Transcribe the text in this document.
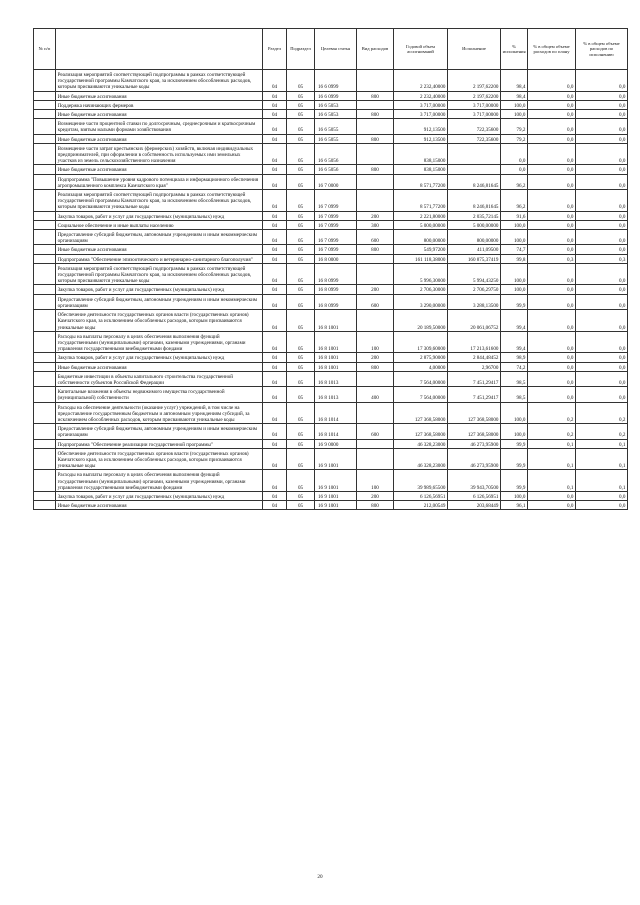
№ п/п		Раздел	Подраздел	Целевая статья	Вид расходов	Годовой объем ассигнований	Исполнение	% исполнения	% в общем объеме расходов по плану	% в общем объеме расходов по исполнению
	Реализация мероприятий соответствующей подпрограммы в рамках соответствующей государственной программы Камчатского края, за исключением обособленных расходов, которым присваиваются уникальные коды	04	05	16 6 0999		2 232,40000	2 197,62200	98,4	0,0	0,0
	Иные бюджетные ассигнования	04	05	16 6 0999	800	2 232,40000	2 197,62200	98,4	0,0	0,0
	Поддержка начинающих фермеров	04	05	16 6 5053		3 717,00000	3 717,00000	100,0	0,0	0,0
	Иные бюджетные ассигнования	04	05	16 6 5053	800	3 717,00000	3 717,00000	100,0	0,0	0,0
	Возмещение части процентной ставки по долгосрочным, среднесрочным и краткосрочным кредитам, взятым малыми формами хозяйствования	04	05	16 6 5055		912,13500	722,35600	79,2	0,0	0,0
	Иные бюджетные ассигнования	04	05	16 6 5055	800	912,13500	722,35600	79,2	0,0	0,0
	Возмещение части затрат крестьянских (фермерских) хозяйств, включая индивидуальных предпринимателей, при оформлении в собственность используемых ими земельных участков из земель сельскохозяйственного назначения	04	05	16 6 5056		838,15000		0,0	0,0	0,0
	Иные бюджетные ассигнования	04	05	16 6 5056	800	838,15000		0,0	0,0	0,0
	Подпрограмма "Повышение уровня кадрового потенциала и информационного обеспечения агропромышленного комплекса Камчатского края"	04	05	16 7 0000		8 571,77200	8 246,81645	96,2	0,0	0,0
	Реализация мероприятий соответствующей подпрограммы в рамках соответствующей государственной программы Камчатского края, за исключением обособленных расходов, которым присваиваются уникальные коды	04	05	16 7 0999		8 571,77200	8 246,81645	96,2	0,0	0,0
	Закупка товаров, работ и услуг для государственных (муниципальных) нужд	04	05	16 7 0999	200	2 221,80000	2 035,72145	91,6	0,0	0,0
	Социальное обеспечение и иные выплаты населению	04	05	16 7 0999	300	5 000,00000	5 000,00000	100,0	0,0	0,0
	Предоставление субсидий бюджетным, автономным учреждениям и иным некоммерческим организациям	04	05	16 7 0999	600	800,00000	800,00000	100,0	0,0	0,0
	Иные бюджетные ассигнования	04	05	16 7 0999	800	549,97200	411,09500	74,7	0,0	0,0
	Подпрограмма "Обеспечение эпизоотического и ветеринарно-санитарного благополучия"	04	05	16 8 0000		161 118,38000	160 875,37419	99,8	0,3	0,3
	Реализация мероприятий соответствующей подпрограммы в рамках соответствующей государственной программы Камчатского края, за исключением обособленных расходов, которым присваиваются уникальные коды	04	05	16 8 0999		5 996,30000	5 994,43250	100,0	0,0	0,0
	Закупка товаров, работ и услуг для государственных (муниципальных) нужд	04	05	16 8 0999	200	2 706,30000	2 706,29750	100,0	0,0	0,0
	Предоставление субсидий бюджетным, автономным учреждениям и иным некоммерческим организациям	04	05	16 8 0999	600	3 290,00000	3 288,13500	99,9	0,0	0,0
	Обеспечение деятельности государственных органов власти (государственных органов) Камчатского края, за исключением обособленных расходов, которым присваиваются уникальные коды	04	05	16 8 1001		20 189,50000	20 061,06752	99,4	0,0	0,0
	Расходы на выплаты персоналу в целях обеспечения выполнения функций государственными (муниципальными) органами, казенными учреждениями, органами управления государственными внебюджетными фондами	04	05	16 8 1001	100	17 309,60000	17 213,61600	99,4	0,0	0,0
	Закупка товаров, работ и услуг для государственных (муниципальных) нужд	04	05	16 8 1001	200	2 875,90000	2 844,48452	98,9	0,0	0,0
	Иные бюджетные ассигнования	04	05	16 8 1001	800	4,00000	2,96700	74,2	0,0	0,0
	Бюджетные инвестиции в объекты капитального строительства государственной собственности субъектов Российской Федерации	04	05	16 8 1013		7 564,00000	7 451,29417	98,5	0,0	0,0
	Капитальные вложения в объекты недвижимого имущества государственной (муниципальной) собственности	04	05	16 8 1013	400	7 564,00000	7 451,29417	98,5	0,0	0,0
	Расходы на обеспечение деятельности (оказание услуг) учреждений, в том числе на предоставление государственным бюджетным и автономным учреждениям субсидий, за исключением обособленных расходов, которым присваиваются уникальные коды	04	05	16 8 1014		127 368,58000	127 368,58000	100,0	0,2	0,2
	Предоставление субсидий бюджетным, автономным учреждениям и иным некоммерческим организациям	04	05	16 8 1014	600	127 368,58000	127 368,58000	100,0	0,2	0,2
	Подпрограмма "Обеспечение реализации государственной программы"	04	05	16 9 0000		46 328,23000	46 273,95900	99,9	0,1	0,1
	Обеспечение деятельности государственных органов власти (государственных органов) Камчатского края, за исключением обособленных расходов, которым присваиваются уникальные коды	04	05	16 9 1001		46 328,23000	46 273,95900	99,9	0,1	0,1
	Расходы на выплаты персоналу в целях обеспечения выполнения функций государственными (муниципальными) органами, казенными учреждениями, органами управления государственными внебюджетными фондами	04	05	16 9 1001	100	39 989,65500	39 943,70500	99,9	0,1	0,1
	Закупка товаров, работ и услуг для государственных (муниципальных) нужд	04	05	16 9 1001	200	6 126,56951	6 126,56951	100,0	0,0	0,0
	Иные бюджетные ассигнования	04	05	16 9 1001	800	212,00549	203,68449	96,1	0,0	0,0
20
